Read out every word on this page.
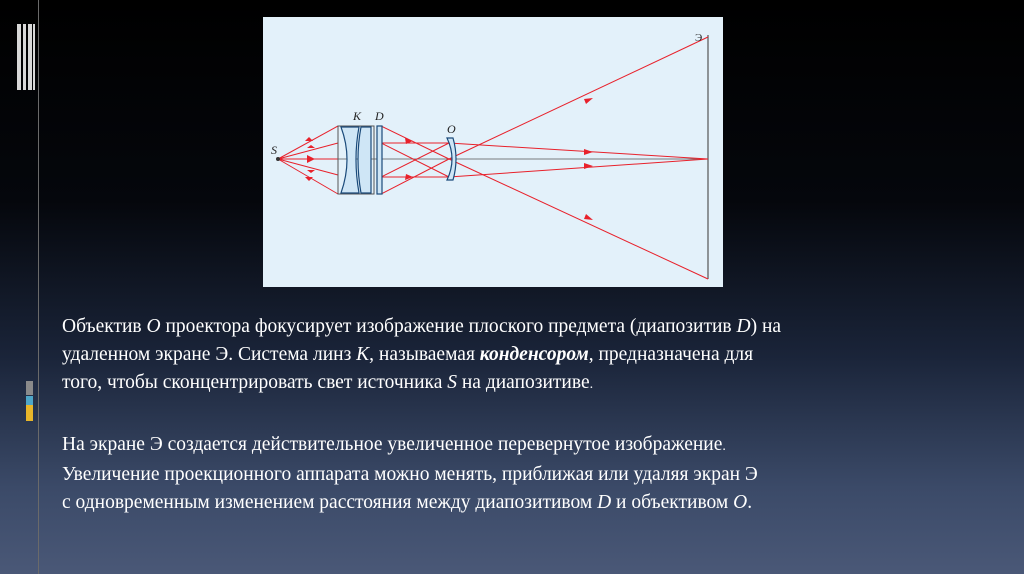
S
K D
O
Э

Объектив O проектора фокусирует изображение плоского предмета (диапозитив D) на

удаленном экране Э. Система линз K, называемая конденсором, предназначена для

того, чтобы сконцентрировать свет источника S на диапозитиве.

На экране Э создается действительное увеличенное перевернутое изображение.

Увеличение проекционного аппарата можно менять, приближая или удаляя экран Э

с одновременным изменением расстояния между диапозитивом D и объективом O.
